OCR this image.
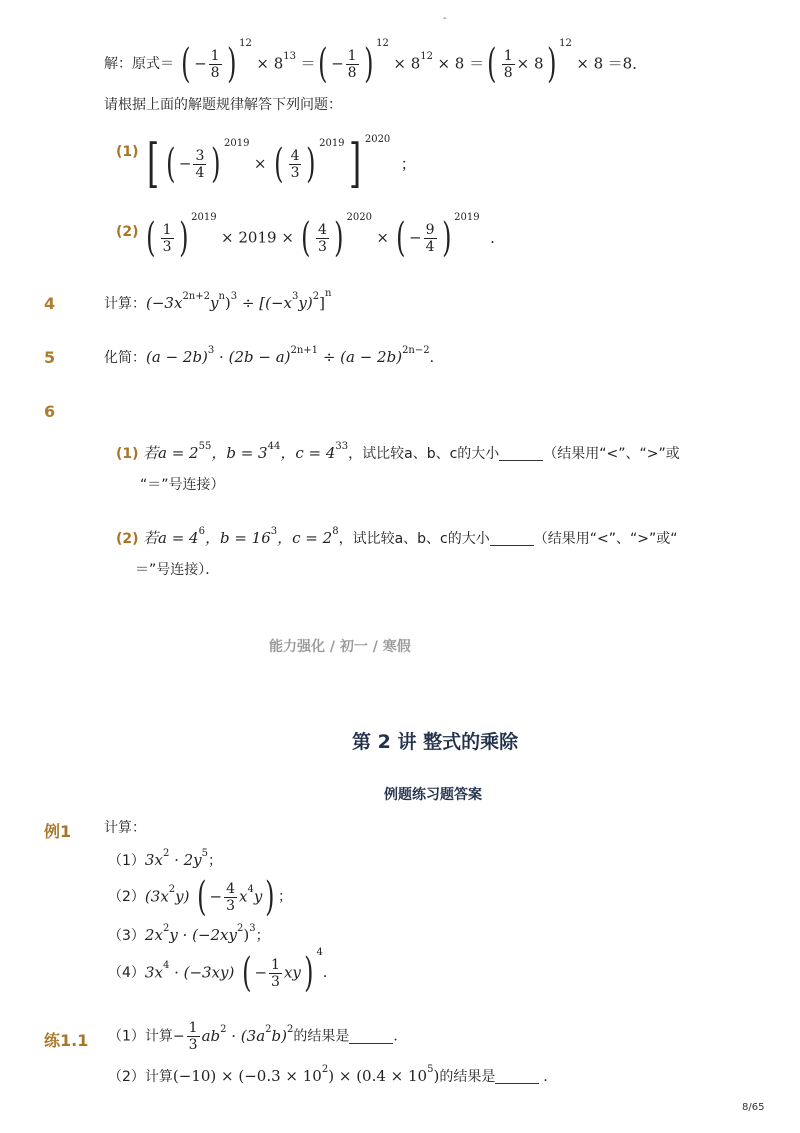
-
解：原式＝ ( − $\frac{1}{8}$ ) $^{12} \times 8^{13}$ ＝( − $\frac{1}{8}$ ) $^{12} \times 8^{12} \times 8$ ＝( $\frac{1}{8} \times 8$) $^{12}$ × 8 ＝8．
请根据上面的解题规律解答下列问题：
(1) [ ( − $\frac{3}{4}$ ) $^{2019}$ × ( $\frac{4}{3}$ ) $^{2019}$] $^{2020}$ ；
(2) ( $\frac{1}{3}$ ) $^{2019}$ × 2019 × ( $\frac{4}{3}$ ) $^{2020}$ × ( − $\frac{9}{4}$ ) $^{2019}$ .
4	计算：$(-3x^{2n+2}y^n)^3 \div [(-x^3y)^2]^n$
5	化简：$(a - 2b)^3 \cdot (2b - a)^{2n+1} \div (a - 2b)^{2n-2}$．
6
(1) 若$a = 2^{55}$，$b = 3^{44}$，$c = 4^{33}$，试比较a、b、c的大小	（结果用“<”、“>”或
“＝”号连接）
(2) 若$a = 4^6$，$b = 16^3$，$c = 2^8$，试比较a、b、c的大小	（结果用“<”、“>”或“
＝”号连接）．
能力强化 / 初一 / 寒假
第 2 讲 整式的乘除
例题练习题答案
例1 计算：
$(1)3x^2 \cdot 2y^5$；
$(2)(3x^2y)$ ( − $\frac{4}{3} x^4y$) ；
$(3)2x^2y \cdot (-2xy^2)^3$；
$(4)3x^4 \cdot (-3xy)$ ( − $\frac{1}{3} xy$) $^4$．
练1.1 （1）计算− $\frac{1}{3} ab^2 \cdot (3a^2b)^2$的结果是	．
（2）计算$(-10) \times (-0.3 \times 10^2) \times (0.4 \times 10^5)$的结果是	．
8/65
